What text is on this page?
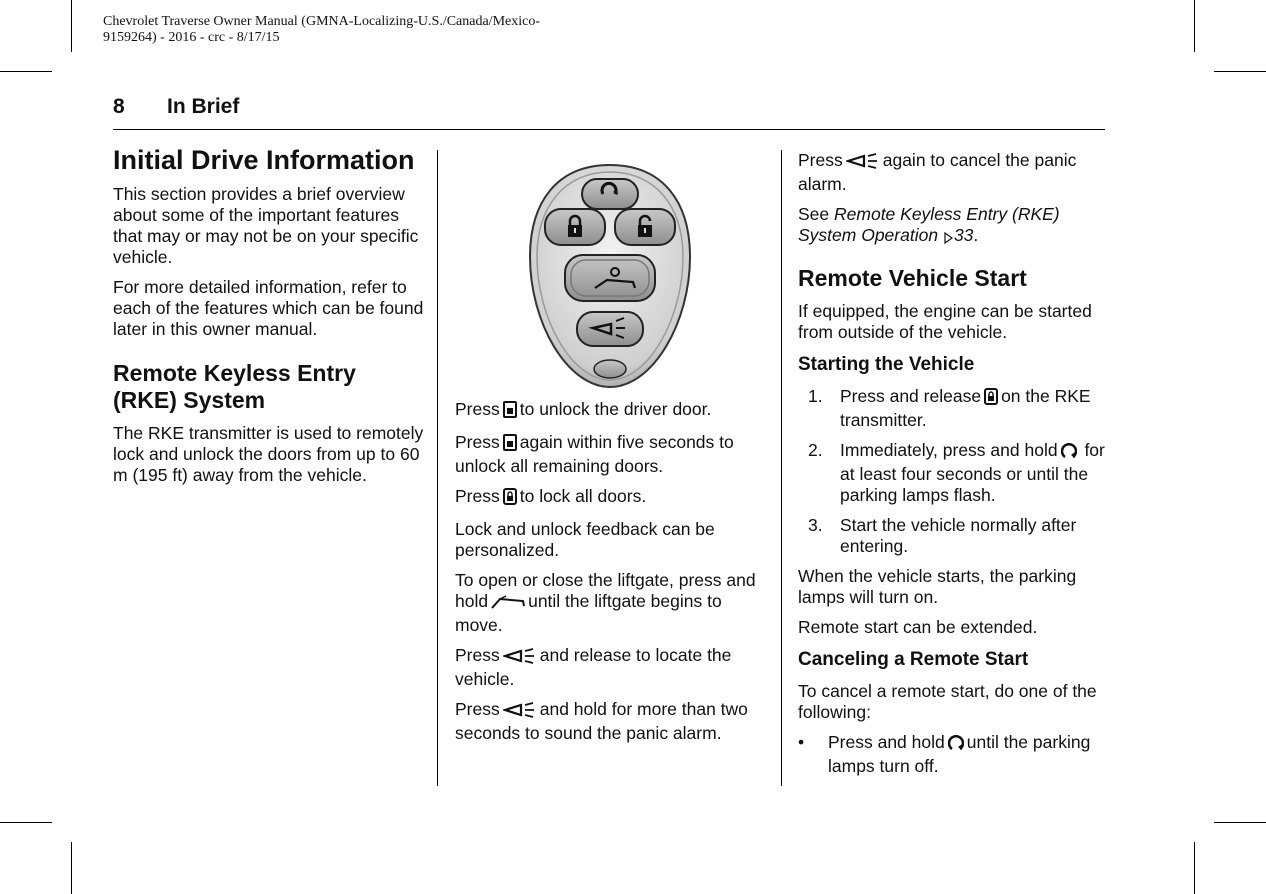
Chevrolet Traverse Owner Manual (GMNA-Localizing-U.S./Canada/Mexico-
9159264) - 2016 - crc - 8/17/15
8 In Brief
Initial Drive Information

This section provides a brief overview about some of the important features that may or may not be on your specific vehicle.

For more detailed information, refer to each of the features which can be found later in this owner manual.

Remote Keyless Entry (RKE) System

The RKE transmitter is used to remotely lock and unlock the doors from up to 60 m (195 ft) away from the vehicle.

Press to unlock the driver door.

Press again within five seconds to unlock all remaining doors.

Press to lock all doors.

Lock and unlock feedback can be personalized.

To open or close the liftgate, press and hold until the liftgate begins to move.

Press and release to locate the vehicle.

Press and hold for more than two seconds to sound the panic alarm.

Press again to cancel the panic alarm.

See Remote Keyless Entry (RKE) System Operation 33.

Remote Vehicle Start

If equipped, the engine can be started from outside of the vehicle.

Starting the Vehicle
1. Press and release on the RKE transmitter.
2. Immediately, press and hold for at least four seconds or until the parking lamps flash.
3. Start the vehicle normally after entering.

When the vehicle starts, the parking lamps will turn on.

Remote start can be extended.

Canceling a Remote Start

To cancel a remote start, do one of the following:

• Press and hold until the parking lamps turn off.
